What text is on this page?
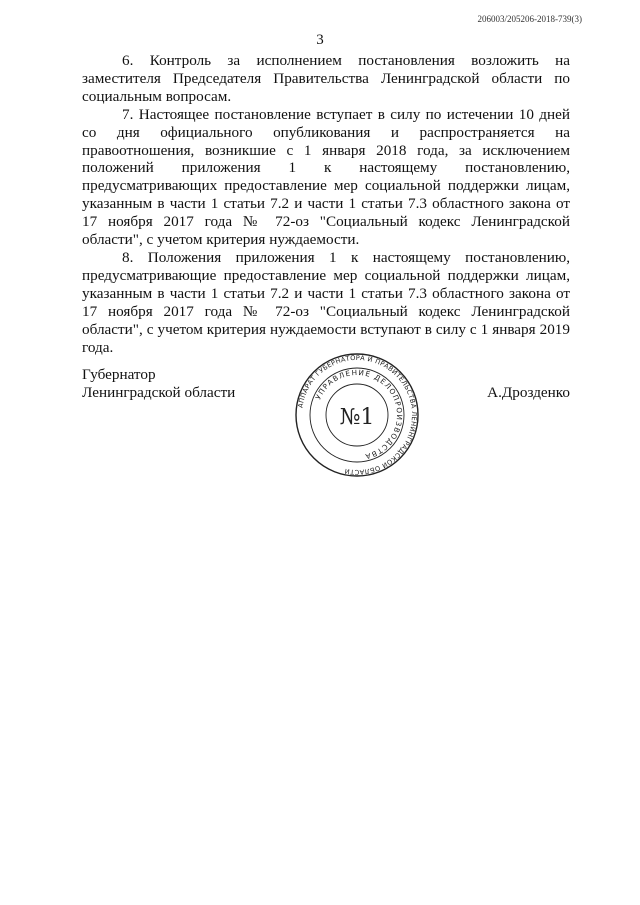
206003/205206-2018-739(3)
3

6. Контроль за исполнением постановления возложить на заместителя Председателя Правительства Ленинградской области по социальным вопросам.

7. Настоящее постановление вступает в силу по истечении 10 дней со дня официального опубликования и распространяется на правоотношения, возникшие с 1 января 2018 года, за исключением положений приложения 1 к настоящему постановлению, предусматривающих предоставление мер социальной поддержки лицам, указанным в части 1 статьи 7.2 и части 1 статьи 7.3 областного закона от 17 ноября 2017 года № 72-оз "Социальный кодекс Ленинградской области", с учетом критерия нуждаемости.

8. Положения приложения 1 к настоящему постановлению, предусматривающие предоставление мер социальной поддержки лицам, указанным в части 1 статьи 7.2 и части 1 статьи 7.3 областного закона от 17 ноября 2017 года № 72-оз "Социальный кодекс Ленинградской области", с учетом критерия нуждаемости вступают в силу с 1 января 2019 года.

Губернатор
Ленинградской области	А.Дрозденко
АППАРАТ ГУБЕРНАТОРА И ПРАВИТЕЛЬСТВА ЛЕНИНГРАДСКОЙ ОБЛАСТИ
УПРАВЛЕНИЕ ДЕЛОПРОИЗВОДСТВА
№1
